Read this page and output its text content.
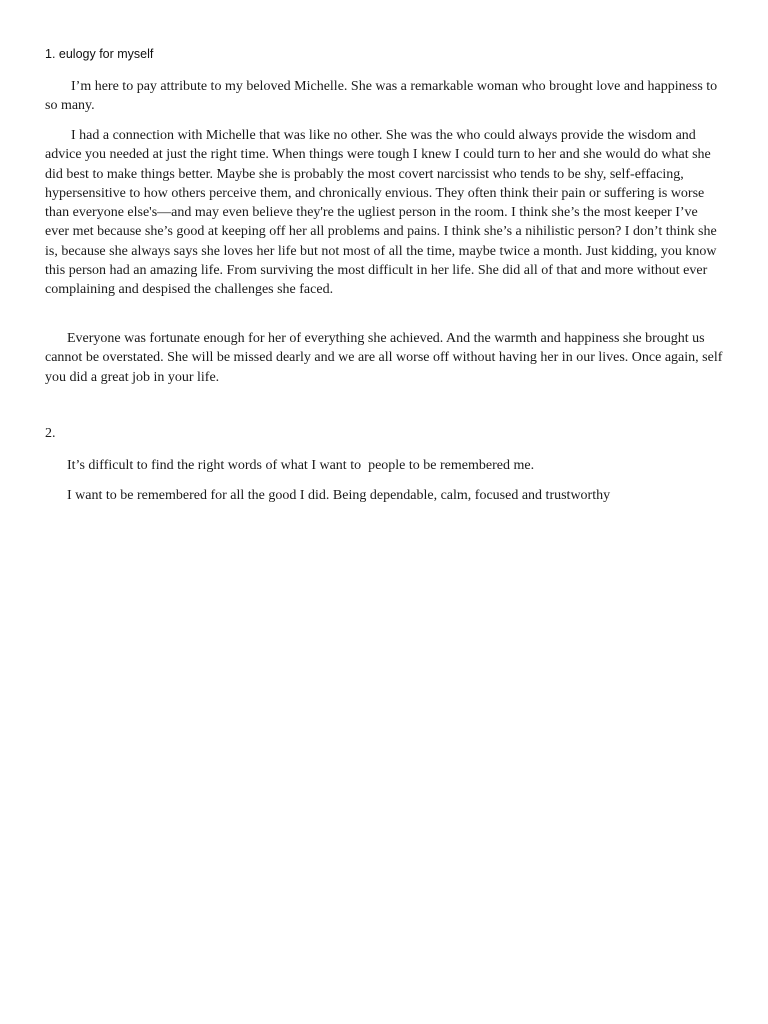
1. eulogy for myself

I’m here to pay attribute to my beloved Michelle. She was a remarkable woman who brought love and happiness to so many.

I had a connection with Michelle that was like no other. She was the who could always provide the wisdom and advice you needed at just the right time. When things were tough I knew I could turn to her and she would do what she did best to make things better. Maybe she is probably the most covert narcissist who tends to be shy, self-effacing, hypersensitive to how others perceive them, and chronically envious. They often think their pain or suffering is worse than everyone else's—and may even believe they're the ugliest person in the room. I think she’s the most keeper I’ve ever met because she’s good at keeping off her all problems and pains. I think she’s a nihilistic person? I don’t think she is, because she always says she loves her life but not most of all the time, maybe twice a month. Just kidding, you know this person had an amazing life. From surviving the most difficult in her life. She did all of that and more without ever complaining and despised the challenges she faced.

Everyone was fortunate enough for her of everything she achieved. And the warmth and happiness she brought us cannot be overstated. She will be missed dearly and we are all worse off without having her in our lives. Once again, self you did a great job in your life.

2.

It’s difficult to find the right words of what I want to  people to be remembered me.

I want to be remembered for all the good I did. Being dependable, calm, focused and trustworthy
